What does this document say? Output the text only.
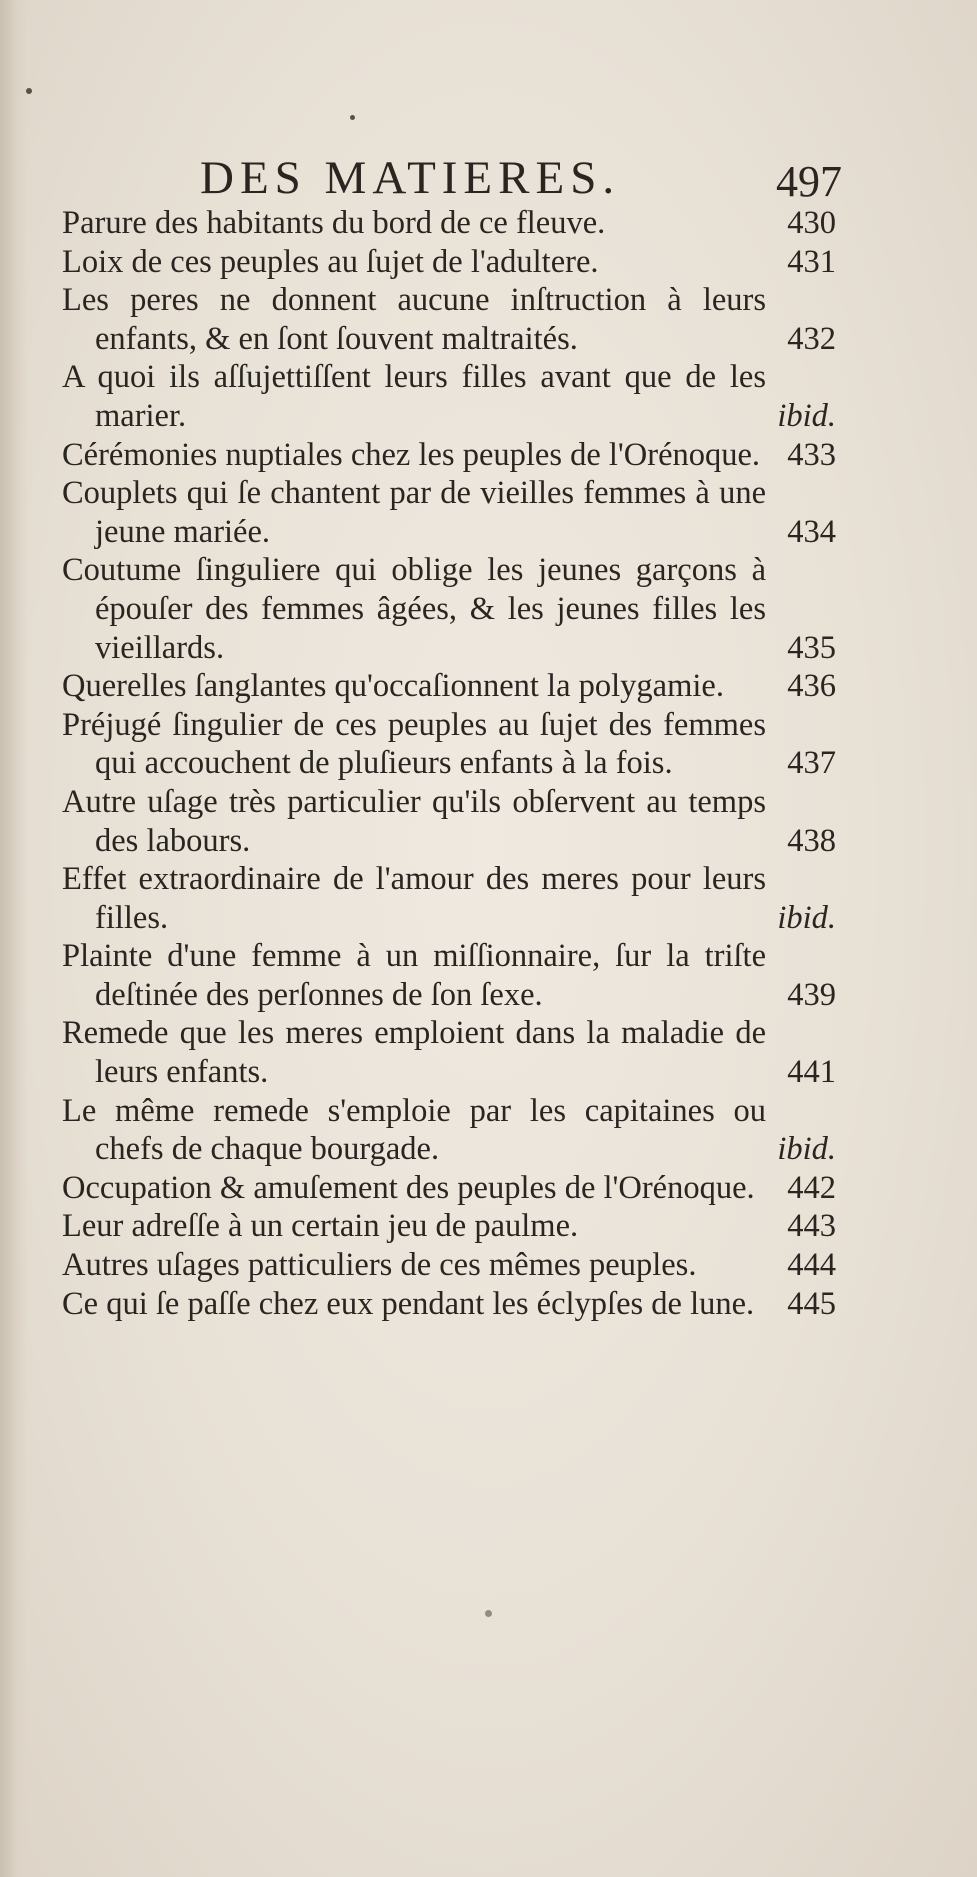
DES MATIERES.	497
Parure des habitants du bord de ce fleuve.	430
Loix de ces peuples au ſujet de l'adultere.	431
Les peres ne donnent aucune inſtruction à leurs enfants, & en ſont ſouvent maltraités.	432
A quoi ils aſſujettiſſent leurs filles avant que de les marier.	ibid.
Cérémonies nuptiales chez les peuples de l'Orénoque. 433
Couplets qui ſe chantent par de vieilles femmes à une jeune mariée.	434
Coutume ſinguliere qui oblige les jeunes garçons à épouſer des femmes âgées, & les jeunes filles les vieillards.	435
Querelles ſanglantes qu'occaſionnent la polygamie.	436
Préjugé ſingulier de ces peuples au ſujet des femmes qui accouchent de pluſieurs enfants à la fois.	437
Autre uſage très particulier qu'ils obſervent au temps des labours.	438
Effet extraordinaire de l'amour des meres pour leurs filles.	ibid.
Plainte d'une femme à un miſſionnaire, ſur la triſte deſtinée des perſonnes de ſon ſexe.	439
Remede que les meres emploient dans la maladie de leurs enfants.	441
Le même remede s'emploie par les capitaines ou chefs de chaque bourgade.	ibid.
Occupation & amuſement des peuples de l'Orénoque.	442
Leur adreſſe à un certain jeu de paulme.	443
Autres uſages patticuliers de ces mêmes peuples.	444
Ce qui ſe paſſe chez eux pendant les éclypſes de lune.	445
